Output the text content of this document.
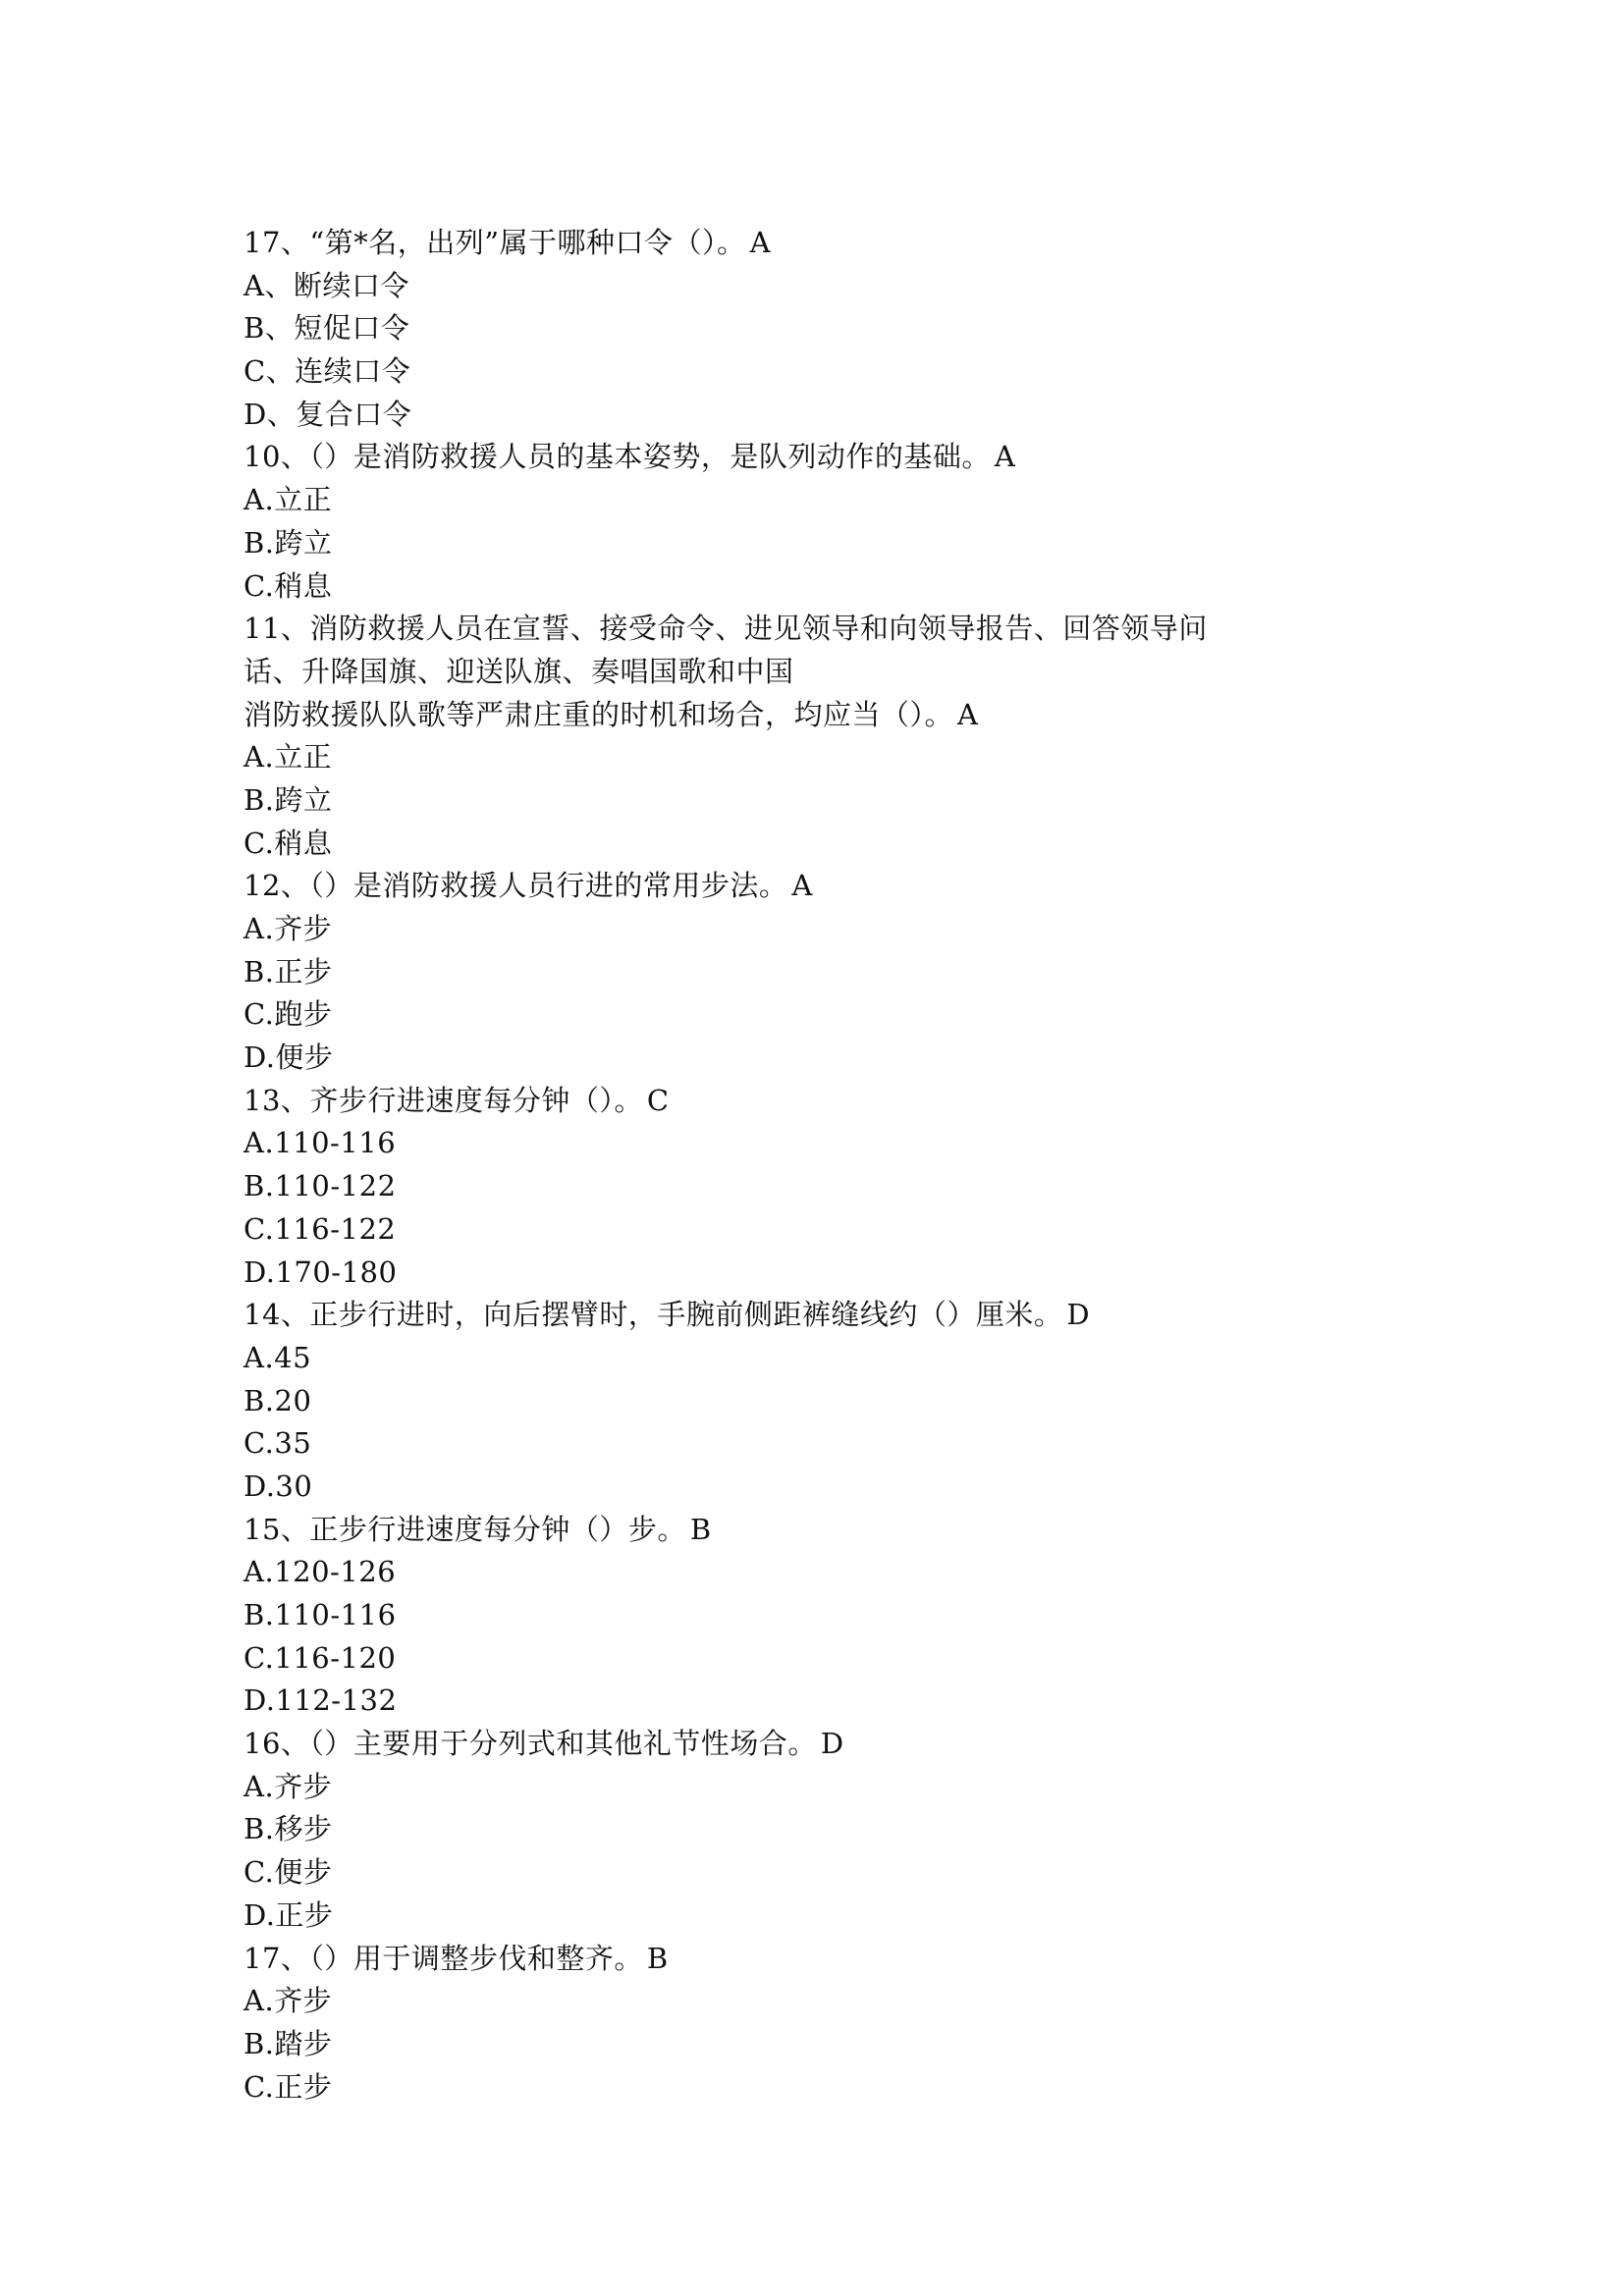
17、“第*名，出列”属于哪种口令（）。 A
A、断续口令
B、短促口令
C、连续口令
D、复合口令
10、（）是消防救援人员的基本姿势，是队列动作的基础。 A
A.立正
B.跨立
C.稍息
11、消防救援人员在宣誓、接受命令、进见领导和向领导报告、回答领导问
话、升降国旗、迎送队旗、奏唱国歌和中国
消防救援队队歌等严肃庄重的时机和场合，均应当（）。 A
A.立正
B.跨立
C.稍息
12、（）是消防救援人员行进的常用步法。 A
A.齐步
B.正步
C.跑步
D.便步
13、齐步行进速度每分钟（）。 C
A.110-116
B.110-122
C.116-122
D.170-180
14、正步行进时，向后摆臂时，手腕前侧距裤缝线约（）厘米。 D
A.45
B.20
C.35
D.30
15、正步行进速度每分钟（）步。 B
A.120-126
B.110-116
C.116-120
D.112-132
16、（）主要用于分列式和其他礼节性场合。 D
A.齐步
B.移步
C.便步
D.正步
17、（）用于调整步伐和整齐。 B
A.齐步
B.踏步
C.正步
